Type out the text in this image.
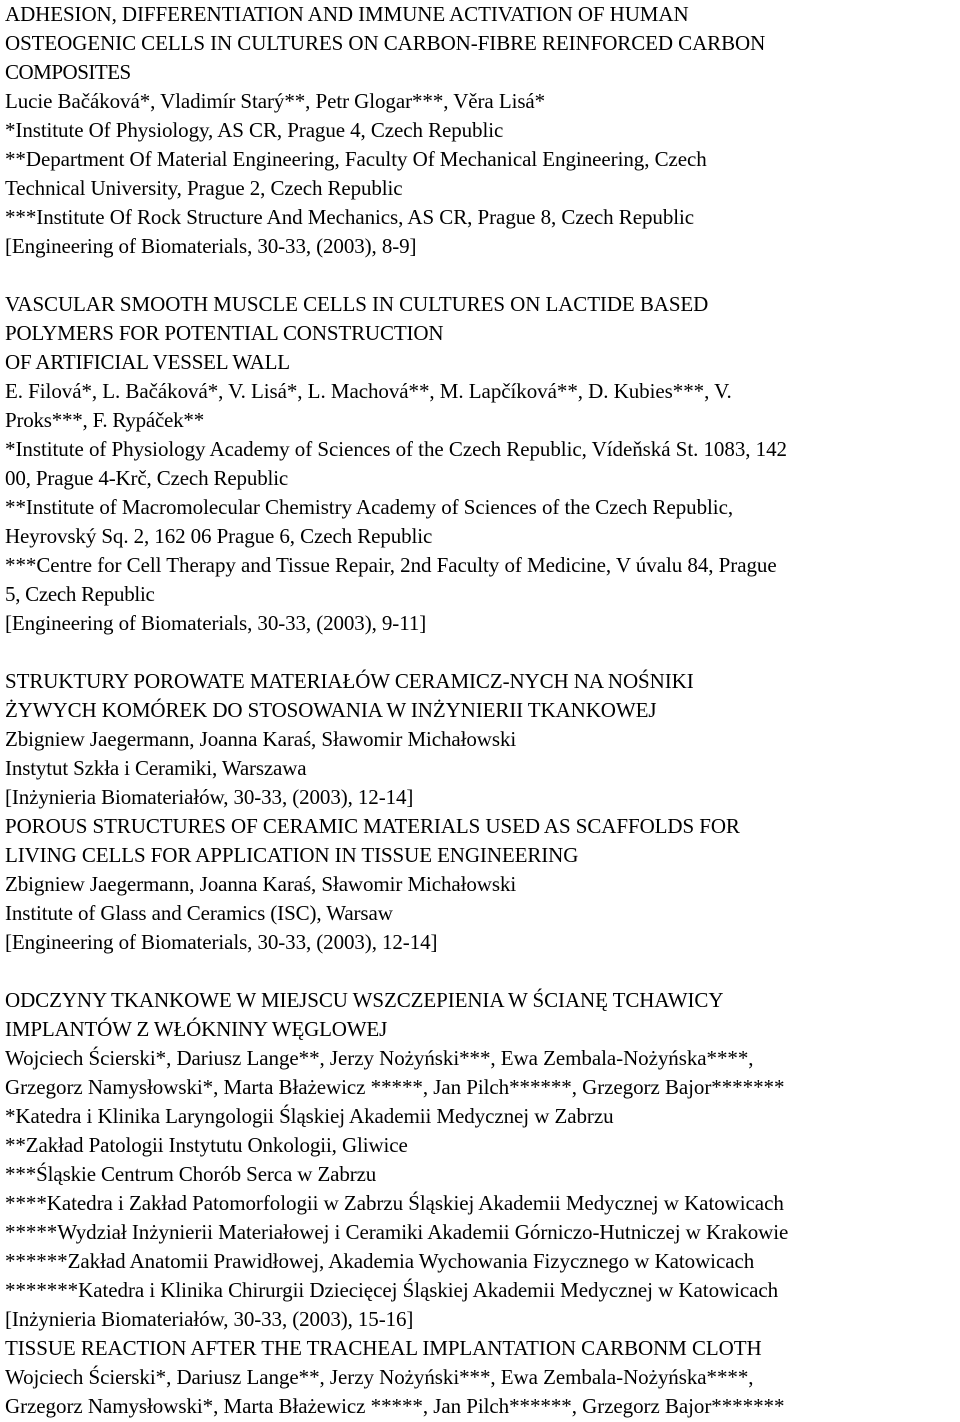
ADHESION, DIFFERENTIATION AND IMMUNE ACTIVATION OF HUMAN
OSTEOGENIC CELLS IN CULTURES ON CARBON-FIBRE REINFORCED CARBON
COMPOSITES
Lucie Bačáková*, Vladimír Starý**, Petr Glogar***, Věra Lisá*
*Institute Of Physiology, AS CR, Prague 4, Czech Republic
**Department Of Material Engineering, Faculty Of Mechanical Engineering, Czech
Technical University, Prague 2, Czech Republic
***Institute Of Rock Structure And Mechanics, AS CR, Prague 8, Czech Republic
[Engineering of Biomaterials, 30-33, (2003), 8-9]
VASCULAR SMOOTH MUSCLE CELLS IN CULTURES ON LACTIDE BASED
POLYMERS FOR POTENTIAL CONSTRUCTION
OF ARTIFICIAL VESSEL WALL
E. Filová*, L. Bačáková*, V. Lisá*, L. Machová**, M. Lapčíková**, D. Kubies***, V.
Proks***, F. Rypáček**
*Institute of Physiology Academy of Sciences of the Czech Republic, Vídeňská St. 1083, 142
00, Prague 4-Krč, Czech Republic
**Institute of Macromolecular Chemistry Academy of Sciences of the Czech Republic,
Heyrovský Sq. 2, 162 06 Prague 6, Czech Republic
***Centre for Cell Therapy and Tissue Repair, 2nd Faculty of Medicine, V úvalu 84, Prague
5, Czech Republic
[Engineering of Biomaterials, 30-33, (2003), 9-11]
STRUKTURY POROWATE MATERIAŁÓW CERAMICZ-NYCH NA NOŚNIKI
ŻYWYCH KOMÓREK DO STOSOWANIA W INŻYNIERII TKANKOWEJ
Zbigniew Jaegermann, Joanna Karaś, Sławomir Michałowski
Instytut Szkła i Ceramiki, Warszawa
[Inżynieria Biomateriałów, 30-33, (2003), 12-14]
POROUS STRUCTURES OF CERAMIC MATERIALS USED AS SCAFFOLDS FOR
LIVING CELLS FOR APPLICATION IN TISSUE ENGINEERING
Zbigniew Jaegermann, Joanna Karaś, Sławomir Michałowski
Institute of Glass and Ceramics (ISC), Warsaw
[Engineering of Biomaterials, 30-33, (2003), 12-14]
ODCZYNY TKANKOWE W MIEJSCU WSZCZEPIENIA W ŚCIANĘ TCHAWICY
IMPLANTÓW Z WŁÓKNINY WĘGLOWEJ
Wojciech Ścierski*, Dariusz Lange**, Jerzy Nożyński***, Ewa Zembala-Nożyńska****,
Grzegorz Namysłowski*, Marta Błażewicz *****, Jan Pilch******, Grzegorz Bajor*******
*Katedra i Klinika Laryngologii Śląskiej Akademii Medycznej w Zabrzu
**Zakład Patologii Instytutu Onkologii, Gliwice
***Śląskie Centrum Chorób Serca w Zabrzu
****Katedra i Zakład Patomorfologii w Zabrzu Śląskiej Akademii Medycznej w Katowicach
*****Wydział Inżynierii Materiałowej i Ceramiki Akademii Górniczo-Hutniczej w Krakowie
******Zakład Anatomii Prawidłowej, Akademia Wychowania Fizycznego w Katowicach
*******Katedra i Klinika Chirurgii Dziecięcej Śląskiej Akademii Medycznej w Katowicach
[Inżynieria Biomateriałów, 30-33, (2003), 15-16]
TISSUE REACTION AFTER THE TRACHEAL IMPLANTATION CARBONM CLOTH
Wojciech Ścierski*, Dariusz Lange**, Jerzy Nożyński***, Ewa Zembala-Nożyńska****,
Grzegorz Namysłowski*, Marta Błażewicz *****, Jan Pilch******, Grzegorz Bajor*******
